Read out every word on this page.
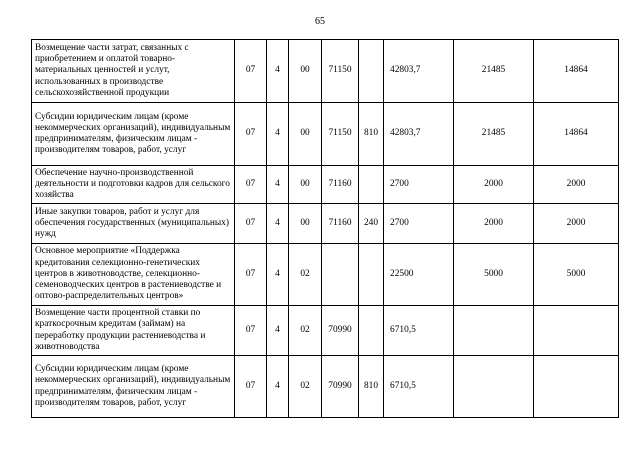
65
Возмещение части затрат, связанных с приобретением и оплатой товарно-материальных ценностей и услут, использованных в производстве сельскохозяйственной продукции	07	4	00	71150		42803,7	21485	14864
Субсидии юридическим лицам (кроме некоммерческих организаций), индивидуальным предпринимателям, физическим лицам - производителям товаров, работ, услуг	07	4	00	71150	810	42803,7	21485	14864
Обеспечение научно-производственной деятельности и подготовки кадров для сельского хозяйства	07	4	00	71160		2700	2000	2000
Иные закупки товаров, работ и услуг для обеспечения государственных (муниципальных) нужд	07	4	00	71160	240	2700	2000	2000
Основное мероприятие «Поддержка кредитования селекционно-генетических центров в животноводстве, селекционно-семеноводческих центров в растениеводстве и оптово-распределительных центров»	07	4	02			22500	5000	5000
Возмещение части процентной ставки по краткосрочным кредитам (займам) на переработку продукции растениеводства и животноводства	07	4	02	70990		6710,5		
Субсидии юридическим лицам (кроме некоммерческих организаций), индивидуальным предпринимателям, физическим лицам - производителям товаров, работ, услуг	07	4	02	70990	810	6710,5		
